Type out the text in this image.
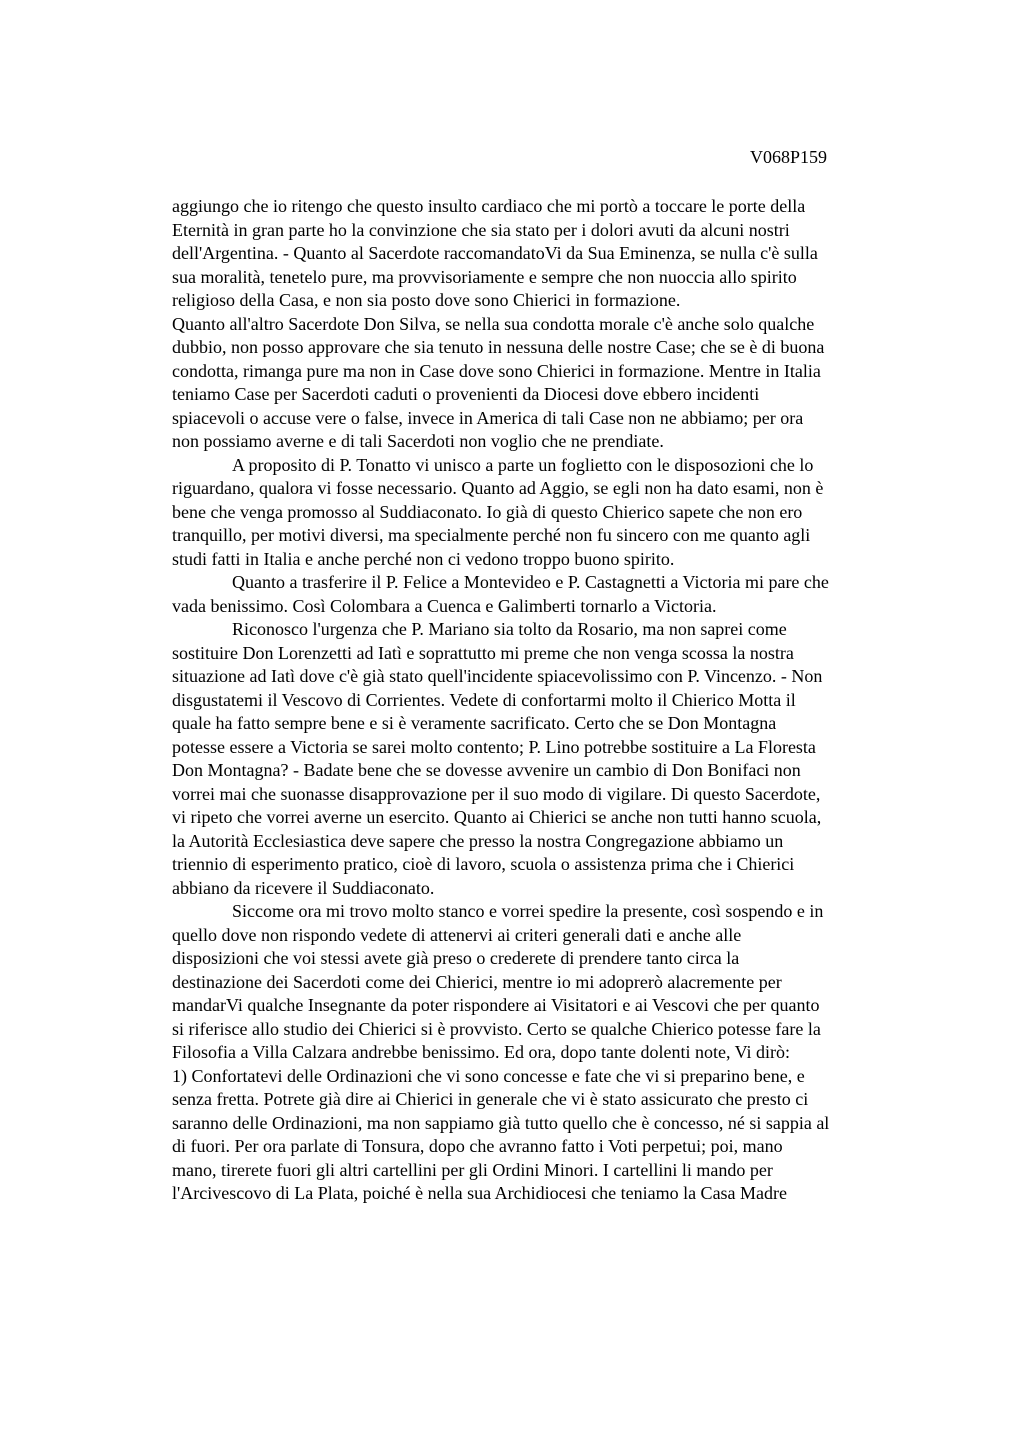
V068P159
aggiungo che io ritengo che questo insulto cardiaco che mi portò a toccare le porte della
Eternità in gran parte ho la convinzione che sia stato per i dolori avuti da alcuni nostri
dell'Argentina. - Quanto al Sacerdote raccomandatoVi da Sua Eminenza, se nulla c'è sulla
sua moralità, tenetelo pure, ma provvisoriamente e sempre che non nuoccia allo spirito
religioso della Casa, e non sia posto dove sono Chierici in formazione.
Quanto all'altro Sacerdote Don Silva, se nella sua condotta morale c'è anche solo qualche
dubbio, non posso approvare che sia tenuto in nessuna delle nostre Case; che se è di buona
condotta, rimanga pure ma non in Case dove sono Chierici in formazione. Mentre in Italia
teniamo Case per Sacerdoti caduti o provenienti da Diocesi dove ebbero incidenti
spiacevoli o accuse vere o false, invece in America di tali Case non ne abbiamo; per ora
non possiamo averne e di tali Sacerdoti non voglio che ne prendiate.
A proposito di P. Tonatto vi unisco a parte un foglietto con le disposozioni che lo
riguardano, qualora vi fosse necessario. Quanto ad Aggio, se egli non ha dato esami, non è
bene che venga promosso al Suddiaconato. Io già di questo Chierico sapete che non ero
tranquillo, per motivi diversi, ma specialmente perché non fu sincero con me quanto agli
studi fatti in Italia e anche perché non ci vedono troppo buono spirito.
Quanto a trasferire il P. Felice a Montevideo e P. Castagnetti a Victoria mi pare che
vada benissimo. Così Colombara a Cuenca e Galimberti tornarlo a Victoria.
Riconosco l'urgenza che P. Mariano sia tolto da Rosario, ma non saprei come
sostituire Don Lorenzetti ad Iatì e soprattutto mi preme che non venga scossa la nostra
situazione ad Iatì dove c'è già stato quell'incidente spiacevolissimo con P. Vincenzo. - Non
disgustatemi il Vescovo di Corrientes. Vedete di confortarmi molto il Chierico Motta il
quale ha fatto sempre bene e si è veramente sacrificato. Certo che se Don Montagna
potesse essere a Victoria se sarei molto contento; P. Lino potrebbe sostituire a La Floresta
Don Montagna? - Badate bene che se dovesse avvenire un cambio di Don Bonifaci non
vorrei mai che suonasse disapprovazione per il suo modo di vigilare. Di questo Sacerdote,
vi ripeto che vorrei averne un esercito. Quanto ai Chierici se anche non tutti hanno scuola,
la Autorità Ecclesiastica deve sapere che presso la nostra Congregazione abbiamo un
triennio di esperimento pratico, cioè di lavoro, scuola o assistenza prima che i Chierici
abbiano da ricevere il Suddiaconato.
Siccome ora mi trovo molto stanco e vorrei spedire la presente, così sospendo e in
quello dove non rispondo vedete di attenervi ai criteri generali dati e anche alle
disposizioni che voi stessi avete già preso o crederete di prendere tanto circa la
destinazione dei Sacerdoti come dei Chierici, mentre io mi adoprerò alacremente per
mandarVi qualche Insegnante da poter rispondere ai Visitatori e ai Vescovi che per quanto
si riferisce allo studio dei Chierici si è provvisto. Certo se qualche Chierico potesse fare la
Filosofia a Villa Calzara andrebbe benissimo. Ed ora, dopo tante dolenti note, Vi dirò:
1) Confortatevi delle Ordinazioni che vi sono concesse e fate che vi si preparino bene, e
senza fretta. Potrete già dire ai Chierici in generale che vi è stato assicurato che presto ci
saranno delle Ordinazioni, ma non sappiamo già tutto quello che è concesso, né si sappia al
di fuori. Per ora parlate di Tonsura, dopo che avranno fatto i Voti perpetui; poi, mano
mano, tirerete fuori gli altri cartellini per gli Ordini Minori. I cartellini li mando per
l'Arcivescovo di La Plata, poiché è nella sua Archidiocesi che teniamo la Casa Madre
